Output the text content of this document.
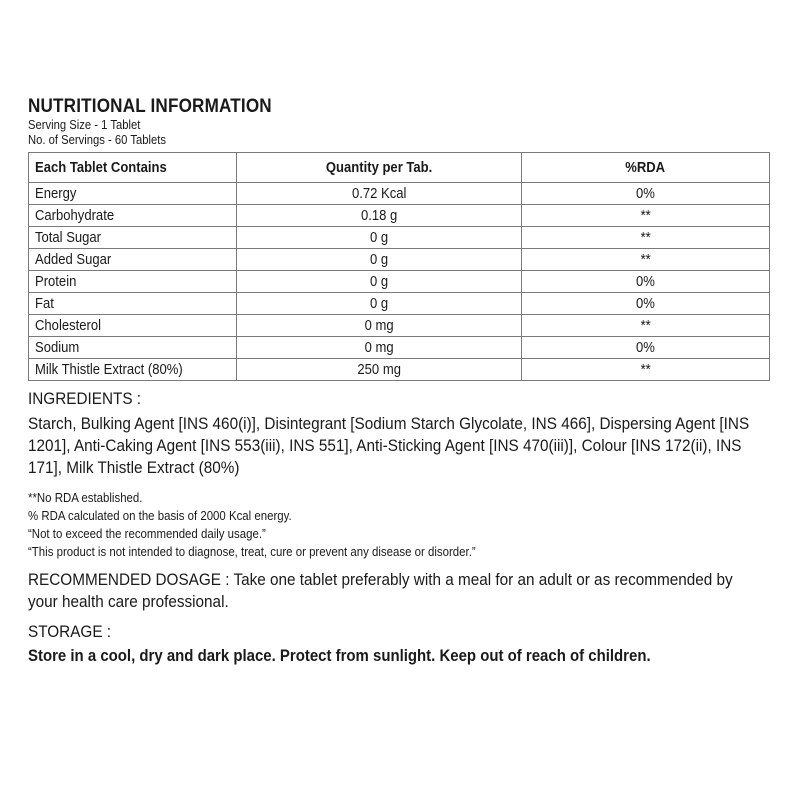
NUTRITIONAL INFORMATION
Serving Size - 1 Tablet
No. of Servings - 60 Tablets
Each Tablet Contains	Quantity per Tab.	%RDA
Energy	0.72 Kcal	0%
Carbohydrate	0.18 g	**
Total Sugar	0 g	**
Added Sugar	0 g	**
Protein	0 g	0%
Fat	0 g	0%
Cholesterol	0 mg	**
Sodium	0 mg	0%
Milk Thistle Extract (80%)	250 mg	**
INGREDIENTS :
Starch, Bulking Agent [INS 460(i)], Disintegrant [Sodium Starch Glycolate, INS 466], Dispersing Agent [INS 1201], Anti-Caking Agent [INS 553(iii), INS 551], Anti-Sticking Agent [INS 470(iii)], Colour [INS 172(ii), INS 171], Milk Thistle Extract (80%)
**No RDA established.
% RDA calculated on the basis of 2000 Kcal energy.
“Not to exceed the recommended daily usage.”
“This product is not intended to diagnose, treat, cure or prevent any disease or disorder.”
RECOMMENDED DOSAGE : Take one tablet preferably with a meal for an adult or as recommended by your health care professional.
STORAGE :
Store in a cool, dry and dark place. Protect from sunlight. Keep out of reach of children.
